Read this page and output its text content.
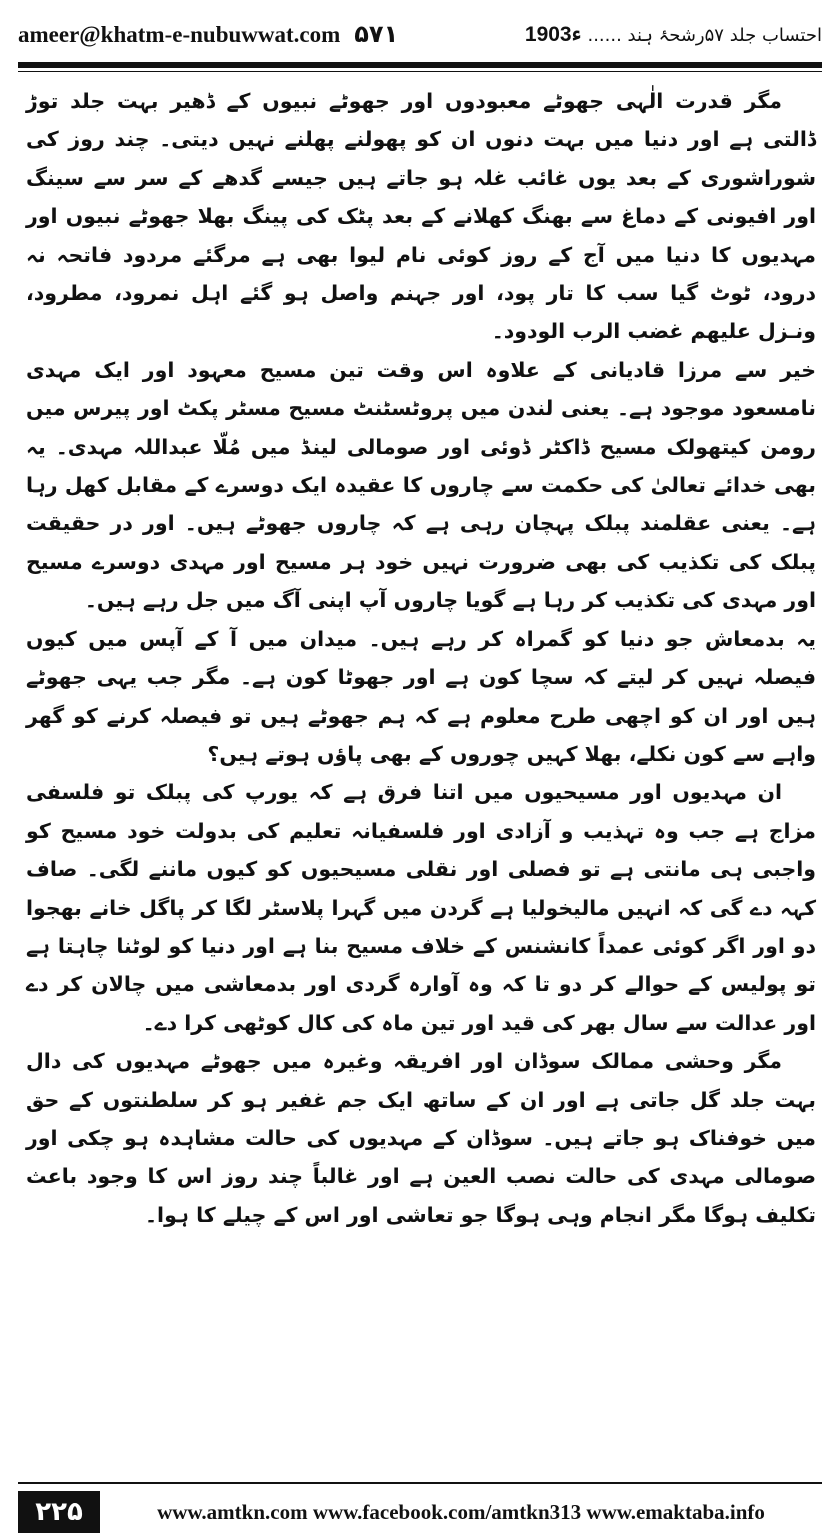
ameer@khatm-e-nubuwwat.com ۵۷۱	احتساب جلد ۵۷رشحۂ ہند ......
1903ء

مگر قدرت الٰہی جھوٹے معبودوں اور جھوٹے نبیوں کے ڈھیر بہت جلد توڑ ڈالتی ہے اور دنیا میں بہت دنوں ان کو پھولنے پھلنے نہیں دیتی۔ چند روز کی شوراشوری کے بعد یوں غائب غلہ ہو جاتے ہیں جیسے گدھے کے سر سے سینگ اور افیونی کے دماغ سے بھنگ کھلانے کے بعد پٹک کی پینگ بھلا جھوٹے نبیوں اور مہدیوں کا دنیا میں آج کے روز کوئی نام لیوا بھی ہے مرگئے مردود فاتحہ نہ درود، ٹوٹ گیا سب کا تار پود، اور جہنم واصل ہو گئے اہل نمرود، مطرود، ونـزل علیھم غضب الرب الودود۔

خیر سے مرزا قادیانی کے علاوہ اس وقت تین مسیح معہود اور ایک مہدی نامسعود موجود ہے۔ یعنی لندن میں پروٹسٹنٹ مسیح مسٹر پکٹ اور پیرس میں رومن کیتھولک مسیح ڈاکٹر ڈوئی اور صومالی لینڈ میں مُلّا عبداللہ مہدی۔ یہ بھی خدائے تعالیٰ کی حکمت سے چاروں کا عقیدہ ایک دوسرے کے مقابل کھل رہا ہے۔ یعنی عقلمند پبلک پہچان رہی ہے کہ چاروں جھوٹے ہیں۔ اور در حقیقت پبلک کی تکذیب کی بھی ضرورت نہیں خود ہر مسیح اور مہدی دوسرے مسیح اور مہدی کی تکذیب کر رہا ہے گویا چاروں آپ اپنی آگ میں جل رہے ہیں۔

یہ بدمعاش جو دنیا کو گمراہ کر رہے ہیں۔ میدان میں آ کے آپس میں کیوں فیصلہ نہیں کر لیتے کہ سچا کون ہے اور جھوٹا کون ہے۔ مگر جب یہی جھوٹے ہیں اور ان کو اچھی طرح معلوم ہے کہ ہم جھوٹے ہیں تو فیصلہ کرنے کو گھر واہے سے کون نکلے، بھلا کہیں چوروں کے بھی پاؤں ہوتے ہیں؟

ان مہدیوں اور مسیحیوں میں اتنا فرق ہے کہ یورپ کی پبلک تو فلسفی مزاج ہے جب وہ تہذیب و آزادی اور فلسفیانہ تعلیم کی بدولت خود مسیح کو واجبی ہی مانتی ہے تو فصلی اور نقلی مسیحیوں کو کیوں ماننے لگی۔ صاف کہہ دے گی کہ انہیں مالیخولیا ہے گردن میں گہرا پلاسٹر لگا کر پاگل خانے بھجوا دو اور اگر کوئی عمداً کانشنس کے خلاف مسیح بنا ہے اور دنیا کو لوٹنا چاہتا ہے تو پولیس کے حوالے کر دو تا کہ وہ آوارہ گردی اور بدمعاشی میں چالان کر دے اور عدالت سے سال بھر کی قید اور تین ماہ کی کال کوٹھی کرا دے۔

مگر وحشی ممالک سوڈان اور افریقہ وغیرہ میں جھوٹے مہدیوں کی دال بہت جلد گل جاتی ہے اور ان کے ساتھ ایک جم غفیر ہو کر سلطنتوں کے حق میں خوفناک ہو جاتے ہیں۔ سوڈان کے مہدیوں کی حالت مشاہدہ ہو چکی اور صومالی مہدی کی حالت نصب العین ہے اور غالباً چند روز اس کا وجود باعث تکلیف ہوگا مگر انجام وہی ہوگا جو تعاشی اور اس کے چیلے کا ہوا۔

۲۲۵	www.amtkn.com www.facebook.com/amtkn313 www.emaktaba.info
